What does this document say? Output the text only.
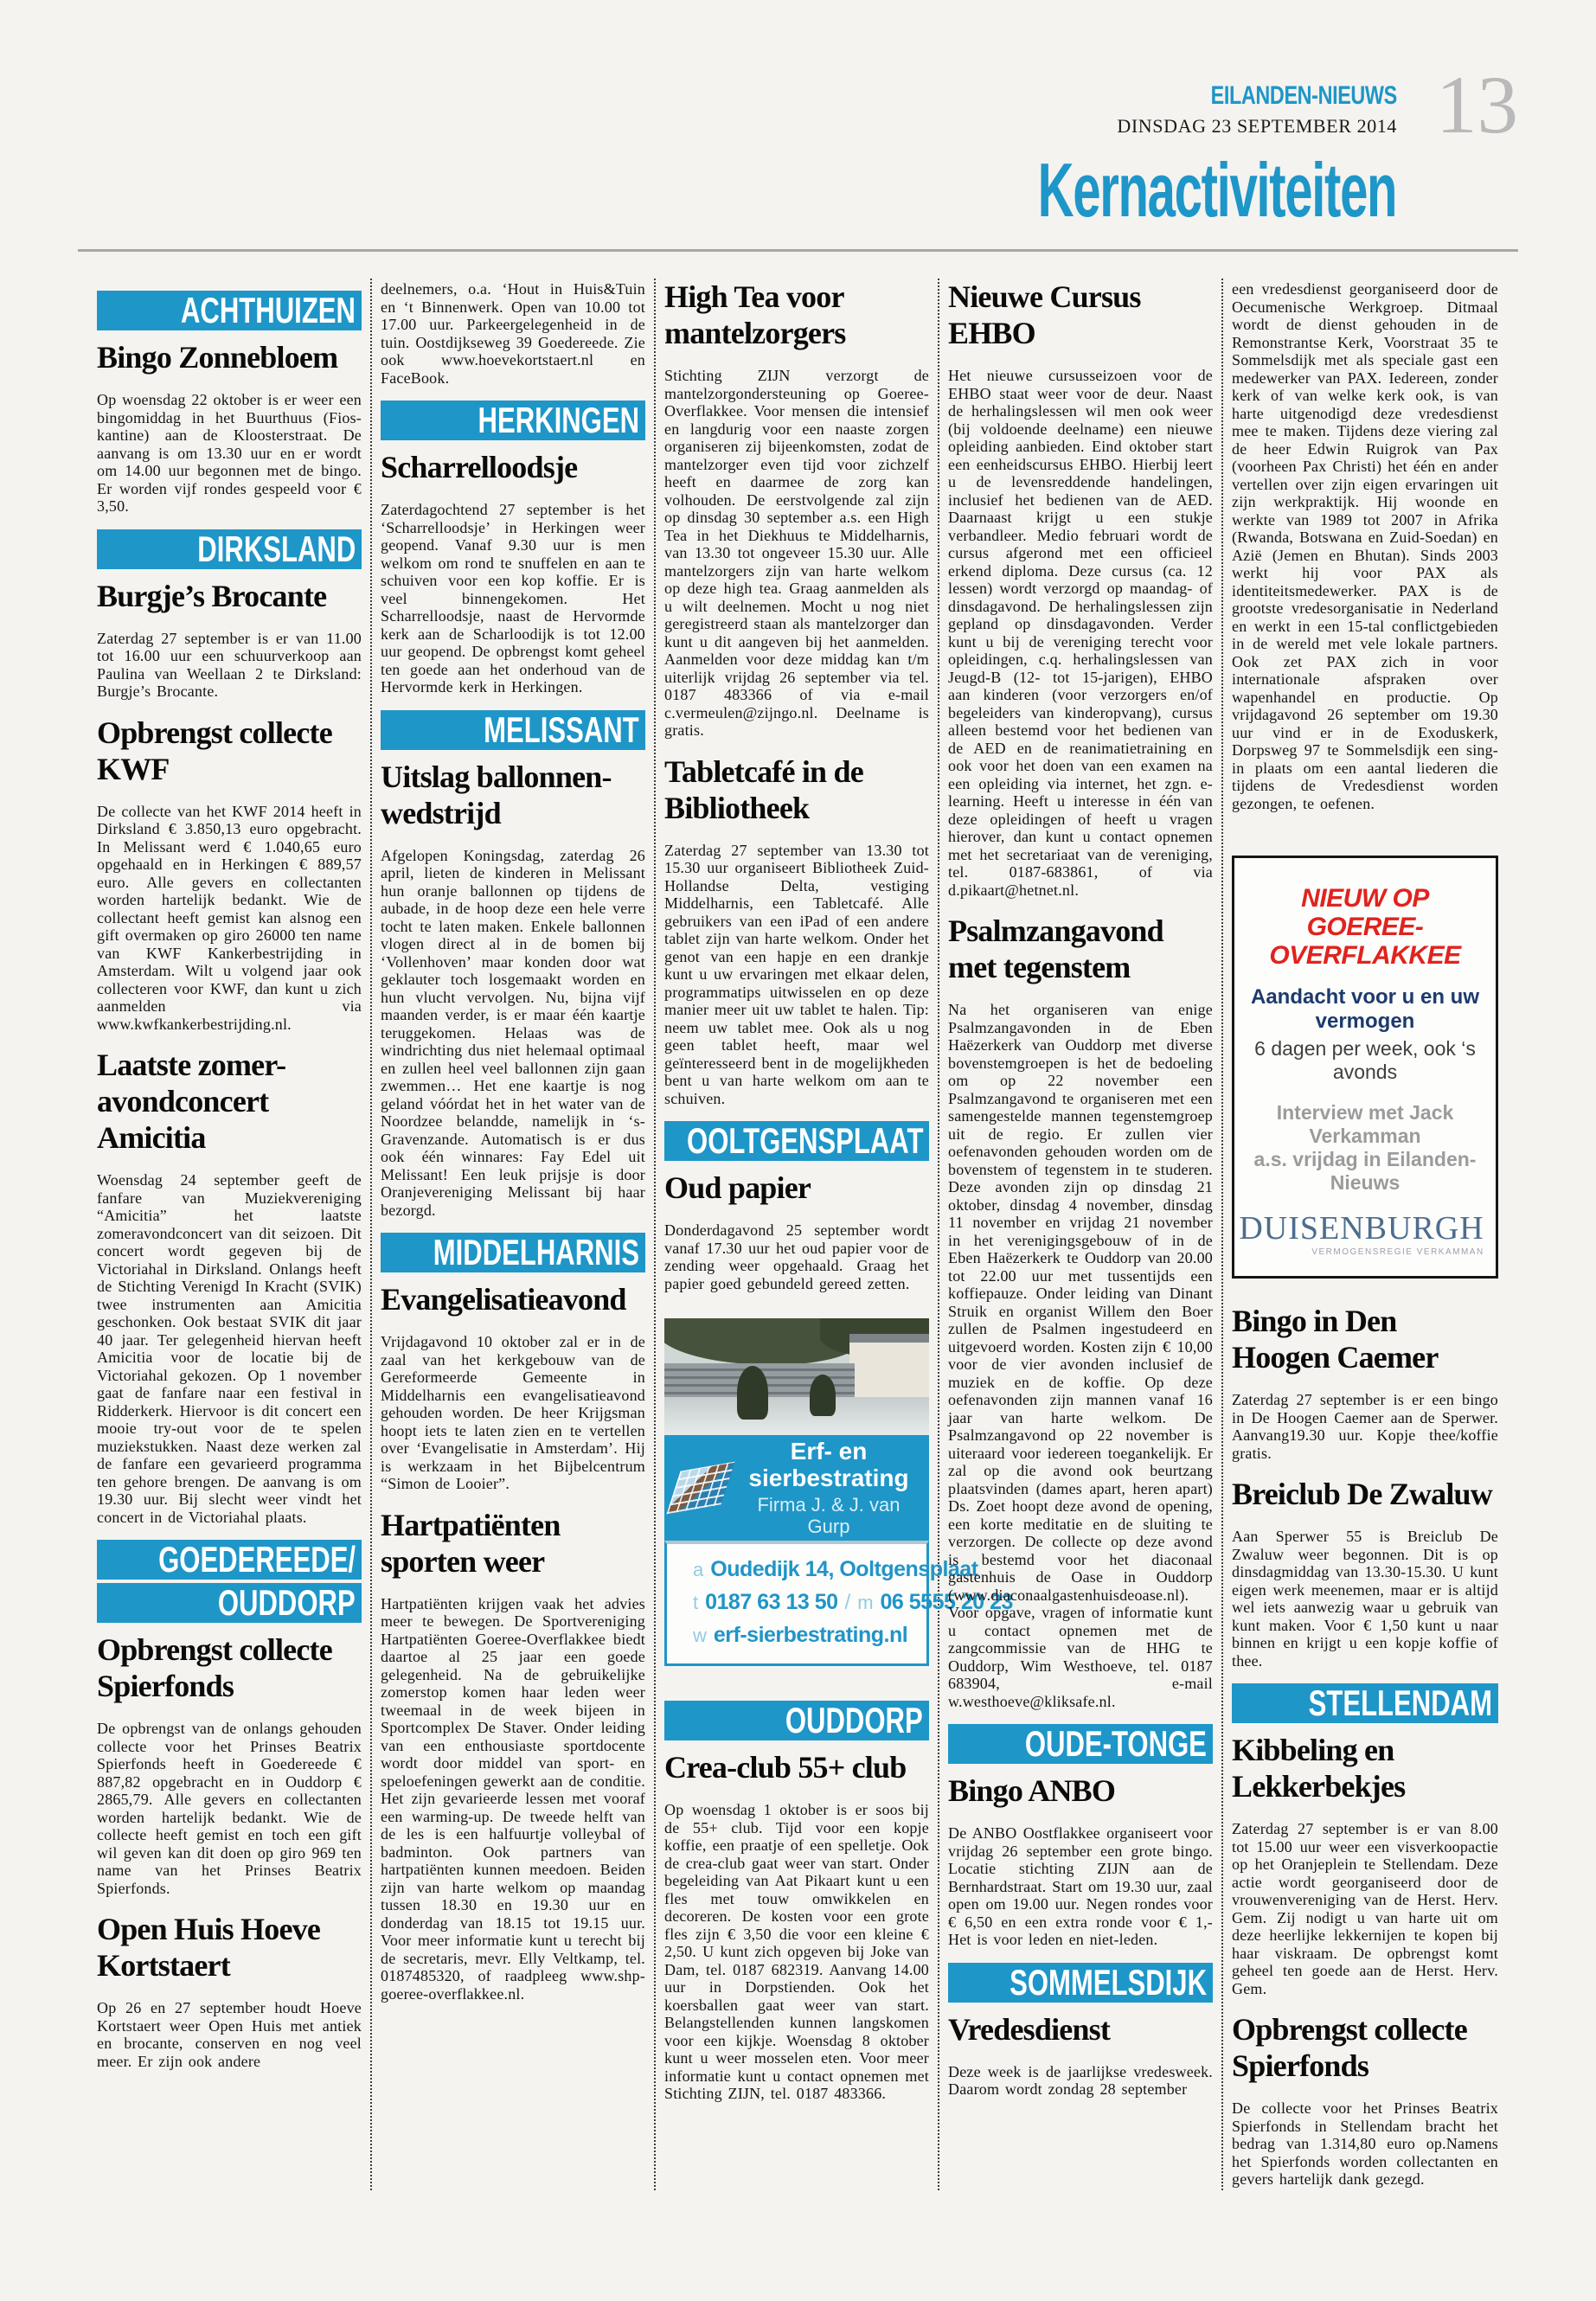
EILANDEN-NIEUWS
DINSDAG 23 SEPTEMBER 2014 13
Kernactiviteiten
ACHTHUIZEN
Bingo Zonnebloem

Op woensdag 22 oktober is er weer een bingomiddag in het Buurthuus (Fios-kantine) aan de Kloosterstraat. De aanvang is om 13.30 uur en er wordt om 14.00 uur begonnen met de bingo. Er worden vijf rondes gespeeld voor € 3,50.

DIRKSLAND
Burgje’s Brocante

Zaterdag 27 september is er van 11.00 tot 16.00 uur een schuurverkoop aan Paulina van Weellaan 2 te Dirksland: Burgje’s Brocante.

Opbrengst collecte KWF

De collecte van het KWF 2014 heeft in Dirksland € 3.850,13 euro opgebracht. In Melissant werd € 1.040,65 euro opgehaald en in Herkingen € 889,57 euro. Alle gevers en collectanten worden hartelijk bedankt. Wie de collectant heeft gemist kan alsnog een gift overmaken op giro 26000 ten name van KWF Kankerbestrijding in Amsterdam. Wilt u volgend jaar ook collecteren voor KWF, dan kunt u zich aanmelden via www.kwfkankerbestrijding.nl.

Laatste zomer-avondconcert Amicitia

Woensdag 24 september geeft de fanfare van Muziekvereniging “Amicitia” het laatste zomeravondconcert van dit seizoen. Dit concert wordt gegeven bij de Victoriahal in Dirksland. Onlangs heeft de Stichting Verenigd In Kracht (SVIK) twee instrumenten aan Amicitia geschonken. Ook bestaat SVIK dit jaar 40 jaar. Ter gelegenheid hiervan heeft Amicitia voor de locatie bij de Victoriahal gekozen. Op 1 november gaat de fanfare naar een festival in Ridderkerk. Hiervoor is dit concert een mooie try-out voor de te spelen muziekstukken. Naast deze werken zal de fanfare een gevarieerd programma ten gehore brengen. De aanvang is om 19.30 uur. Bij slecht weer vindt het concert in de Victoriahal plaats.

GOEDEREEDE/
OUDDORP
Opbrengst collecte Spierfonds

De opbrengst van de onlangs gehouden collecte voor het Prinses Beatrix Spierfonds heeft in Goedereede € 887,82 opgebracht en in Ouddorp € 2865,79. Alle gevers en collectanten worden hartelijk bedankt. Wie de collecte heeft gemist en toch een gift wil geven kan dit doen op giro 969 ten name van het Prinses Beatrix Spierfonds.

Open Huis Hoeve Kortstaert

Op 26 en 27 september houdt Hoeve Kortstaert weer Open Huis met antiek en brocante, conserven en nog veel meer. Er zijn ook andere

deelnemers, o.a. ‘Hout in Huis&Tuin en ‘t Binnenwerk. Open van 10.00 tot 17.00 uur. Parkeergelegenheid in de tuin. Oostdijkseweg 39 Goedereede. Zie ook www.hoevekortstaert.nl en FaceBook.

HERKINGEN
Scharrelloodsje

Zaterdagochtend 27 september is het ‘Scharrelloodsje’ in Herkingen weer geopend. Vanaf 9.30 uur is men welkom om rond te snuffelen en aan te schuiven voor een kop koffie. Er is veel binnengekomen. Het Scharrelloodsje, naast de Hervormde kerk aan de Scharloodijk is tot 12.00 uur geopend. De opbrengst komt geheel ten goede aan het onderhoud van de Hervormde kerk in Herkingen.

MELISSANT
Uitslag ballonnen-wedstrijd

Afgelopen Koningsdag, zaterdag 26 april, lieten de kinderen in Melissant hun oranje ballonnen op tijdens de aubade, in de hoop deze een hele verre tocht te laten maken. Enkele ballonnen vlogen direct al in de bomen bij ‘Vollenhoven’ maar konden door wat geklauter toch losgemaakt worden en hun vlucht vervolgen. Nu, bijna vijf maanden verder, is er maar één kaartje teruggekomen. Helaas was de windrichting dus niet helemaal optimaal en zullen heel veel ballonnen zijn gaan zwemmen… Het ene kaartje is nog geland vóórdat het in het water van de Noordzee belandde, namelijk in ‘s-Gravenzande. Automatisch is er dus ook één winnares: Fay Edel uit Melissant! Een leuk prijsje is door Oranjevereniging Melissant bij haar bezorgd.

MIDDELHARNIS
Evangelisatieavond

Vrijdagavond 10 oktober zal er in de zaal van het kerkgebouw van de Gereformeerde Gemeente in Middelharnis een evangelisatieavond gehouden worden. De heer Krijgsman hoopt iets te laten zien en te vertellen over ‘Evangelisatie in Amsterdam’. Hij is werkzaam in het Bijbelcentrum “Simon de Looier”.

Hartpatiënten sporten weer

Hartpatiënten krijgen vaak het advies meer te bewegen. De Sportvereniging Hartpatiënten Goeree-Overflakkee biedt daartoe al 25 jaar een goede gelegenheid. Na de gebruikelijke zomerstop komen haar leden weer tweemaal in de week bijeen in Sportcomplex De Staver. Onder leiding van een enthousiaste sportdocente wordt door middel van sport- en speloefeningen gewerkt aan de conditie. Het zijn gevarieerde lessen met vooraf een warming-up. De tweede helft van de les is een halfuurtje volleybal of badminton. Ook partners van hartpatiënten kunnen meedoen. Beiden zijn van harte welkom op maandag tussen 18.30 en 19.30 uur en donderdag van 18.15 tot 19.15 uur. Voor meer informatie kunt u terecht bij de secretaris, mevr. Elly Veltkamp, tel. 0187485320, of raadpleeg www.shp-goeree-overflakkee.nl.

High Tea voor mantelzorgers

Stichting ZIJN verzorgt de mantelzorgondersteuning op Goeree-Overflakkee. Voor mensen die intensief en langdurig voor een naaste zorgen organiseren zij bijeenkomsten, zodat de mantelzorger even tijd voor zichzelf heeft en daarmee de zorg kan volhouden. De eerstvolgende zal zijn op dinsdag 30 september a.s. een High Tea in het Diekhuus te Middelharnis, van 13.30 tot ongeveer 15.30 uur. Alle mantelzorgers zijn van harte welkom op deze high tea. Graag aanmelden als u wilt deelnemen. Mocht u nog niet geregistreerd staan als mantelzorger dan kunt u dit aangeven bij het aanmelden. Aanmelden voor deze middag kan t/m uiterlijk vrijdag 26 september via tel. 0187 483366 of via e-mail c.vermeulen@zijngo.nl. Deelname is gratis.

Tabletcafé in de Bibliotheek

Zaterdag 27 september van 13.30 tot 15.30 uur organiseert Bibliotheek Zuid-Hollandse Delta, vestiging Middelharnis, een Tabletcafé. Alle gebruikers van een iPad of een andere tablet zijn van harte welkom. Onder het genot van een hapje en een drankje kunt u uw ervaringen met elkaar delen, programmatips uitwisselen en op deze manier meer uit uw tablet te halen. Tip: neem uw tablet mee. Ook als u nog geen tablet heeft, maar wel geïnteresseerd bent in de mogelijkheden bent u van harte welkom om aan te schuiven.

OOLTGENSPLAAT
Oud papier

Donderdagavond 25 september wordt vanaf 17.30 uur het oud papier voor de zending weer opgehaald. Graag het papier goed gebundeld gereed zetten.

Erf- en sierbestrating
Firma J. & J. van Gurp
a Oudedijk 14, Ooltgensplaat
t 0187 63 13 50 / m 06 5555 20 23
w erf-sierbestrating.nl
OUDDORP
Crea-club 55+ club

Op woensdag 1 oktober is er soos bij de 55+ club. Tijd voor een kopje koffie, een praatje of een spelletje. Ook de crea-club gaat weer van start. Onder begeleiding van Aat Pikaart kunt u een fles met touw omwikkelen en decoreren. De kosten voor een grote fles zijn € 3,50 die voor een kleine € 2,50. U kunt zich opgeven bij Joke van Dam, tel. 0187 682319. Aanvang 14.00 uur in Dorpstienden. Ook het koersballen gaat weer van start. Belangstellenden kunnen langskomen voor een kijkje. Woensdag 8 oktober kunt u weer mosselen eten. Voor meer informatie kunt u contact opnemen met Stichting ZIJN, tel. 0187 483366.

Nieuwe Cursus EHBO

Het nieuwe cursusseizoen voor de EHBO staat weer voor de deur. Naast de herhalingslessen wil men ook weer (bij voldoende deelname) een nieuwe opleiding aanbieden. Eind oktober start een eenheidscursus EHBO. Hierbij leert u de levensreddende handelingen, inclusief het bedienen van de AED. Daarnaast krijgt u een stukje verbandleer. Medio februari wordt de cursus afgerond met een officieel erkend diploma. Deze cursus (ca. 12 lessen) wordt verzorgd op maandag- of dinsdagavond. De herhalingslessen zijn gepland op dinsdagavonden. Verder kunt u bij de vereniging terecht voor opleidingen, c.q. herhalingslessen van Jeugd-B (12- tot 15-jarigen), EHBO aan kinderen (voor verzorgers en/of begeleiders van kinderopvang), cursus alleen bestemd voor het bedienen van de AED en de reanimatietraining en ook voor het doen van een examen na een opleiding via internet, het zgn. e-learning. Heeft u interesse in één van deze opleidingen of heeft u vragen hierover, dan kunt u contact opnemen met het secretariaat van de vereniging, tel. 0187-683861, of via d.pikaart@hetnet.nl.

Psalmzangavond met tegenstem

Na het organiseren van enige Psalmzangavonden in de Eben Haëzerkerk van Ouddorp met diverse bovenstemgroepen is het de bedoeling om op 22 november een Psalmzangavond te organiseren met een samengestelde mannen tegenstemgroep uit de regio. Er zullen vier oefenavonden gehouden worden om de bovenstem of tegenstem in te studeren. Deze avonden zijn op dinsdag 21 oktober, dinsdag 4 november, dinsdag 11 november en vrijdag 21 november in het verenigingsgebouw of in de Eben Haëzerkerk te Ouddorp van 20.00 tot 22.00 uur met tussentijds een koffiepauze. Onder leiding van Dinant Struik en organist Willem den Boer zullen de Psalmen ingestudeerd en uitgevoerd worden. Kosten zijn € 10,00 voor de vier avonden inclusief de muziek en de koffie. Op deze oefenavonden zijn mannen vanaf 16 jaar van harte welkom. De Psalmzangavond op 22 november is uiteraard voor iedereen toegankelijk. Er zal op die avond ook beurtzang plaatsvinden (dames apart, heren apart) Ds. Zoet hoopt deze avond de opening, een korte meditatie en de sluiting te verzorgen. De collecte op deze avond is bestemd voor het diaconaal gastenhuis de Oase in Ouddorp (www.diaconaalgastenhuisdeoase.nl). Voor opgave, vragen of informatie kunt u contact opnemen met de zangcommissie van de HHG te Ouddorp, Wim Westhoeve, tel. 0187 683904, e-mail w.westhoeve@kliksafe.nl.

OUDE-TONGE
Bingo ANBO

De ANBO Oostflakkee organiseert voor vrijdag 26 september een grote bingo. Locatie stichting ZIJN aan de Bernhardstraat. Start om 19.30 uur, zaal open om 19.00 uur. Negen rondes voor € 6,50 en een extra ronde voor € 1,- Het is voor leden en niet-leden.

SOMMELSDIJK
Vredesdienst

Deze week is de jaarlijkse vredesweek. Daarom wordt zondag 28 september

een vredesdienst georganiseerd door de Oecumenische Werkgroep. Ditmaal wordt de dienst gehouden in de Remonstrantse Kerk, Voorstraat 35 te Sommelsdijk met als speciale gast een medewerker van PAX. Iedereen, zonder kerk of van welke kerk ook, is van harte uitgenodigd deze vredesdienst mee te maken. Tijdens deze viering zal de heer Edwin Ruigrok van Pax (voorheen Pax Christi) het één en ander vertellen over zijn eigen ervaringen uit zijn werkpraktijk. Hij woonde en werkte van 1989 tot 2007 in Afrika (Rwanda, Botswana en Zuid-Soedan) en Azië (Jemen en Bhutan). Sinds 2003 werkt hij voor PAX als identiteitsmedewerker. PAX is de grootste vredesorganisatie in Nederland en werkt in een 15-tal conflictgebieden in de wereld met vele lokale partners. Ook zet PAX zich in voor internationale afspraken over wapenhandel en productie. Op vrijdagavond 26 september om 19.30 uur vind er in de Exoduskerk, Dorpsweg 97 te Sommelsdijk een sing-in plaats om een aantal liederen die tijdens de Vredesdienst worden gezongen, te oefenen.

NIEUW OP
GOEREE-OVERFLAKKEE
Aandacht voor u en uw vermogen
6 dagen per week, ook ‘s avonds
Interview met Jack Verkamman
a.s. vrijdag in Eilanden-Nieuws
DUISENBURGH
VERMOGENSREGIE VERKAMMAN
Bingo in Den Hoogen Caemer

Zaterdag 27 september is er een bingo in De Hoogen Caemer aan de Sperwer. Aanvang19.30 uur. Kopje thee/koffie gratis.

Breiclub De Zwaluw

Aan Sperwer 55 is Breiclub De Zwaluw weer begonnen. Dit is op dinsdagmiddag van 13.30-15.30. U kunt eigen werk meenemen, maar er is altijd wel iets aanwezig waar u gebruik van kunt maken. Voor € 1,50 kunt u naar binnen en krijgt u een kopje koffie of thee.

STELLENDAM
Kibbeling en Lekkerbekjes

Zaterdag 27 september is er van 8.00 tot 15.00 uur weer een visverkoopactie op het Oranjeplein te Stellendam. Deze actie wordt georganiseerd door de vrouwenvereniging van de Herst. Herv. Gem. Zij nodigt u van harte uit om deze heerlijke lekkernijen te kopen bij haar viskraam. De opbrengst komt geheel ten goede aan de Herst. Herv. Gem.

Opbrengst collecte Spierfonds

De collecte voor het Prinses Beatrix Spierfonds in Stellendam bracht het bedrag van 1.314,80 euro op.Namens het Spierfonds worden collectanten en gevers hartelijk dank gezegd.
